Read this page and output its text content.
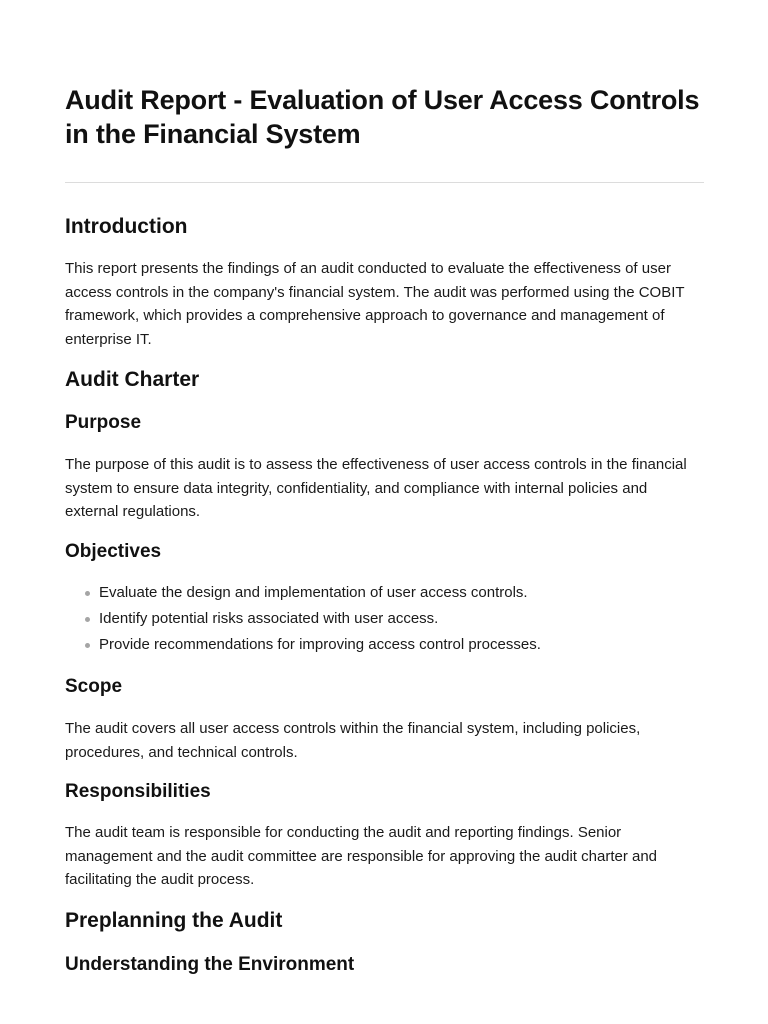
Audit Report - Evaluation of User Access Controls in the Financial System
Introduction

This report presents the findings of an audit conducted to evaluate the effectiveness of user access controls in the company's financial system. The audit was performed using the COBIT framework, which provides a comprehensive approach to governance and management of enterprise IT.

Audit Charter
Purpose

The purpose of this audit is to assess the effectiveness of user access controls in the financial system to ensure data integrity, confidentiality, and compliance with internal policies and external regulations.

Objectives
Evaluate the design and implementation of user access controls.
Identify potential risks associated with user access.
Provide recommendations for improving access control processes.
Scope

The audit covers all user access controls within the financial system, including policies, procedures, and technical controls.

Responsibilities

The audit team is responsible for conducting the audit and reporting findings. Senior management and the audit committee are responsible for approving the audit charter and facilitating the audit process.

Preplanning the Audit
Understanding the Environment
